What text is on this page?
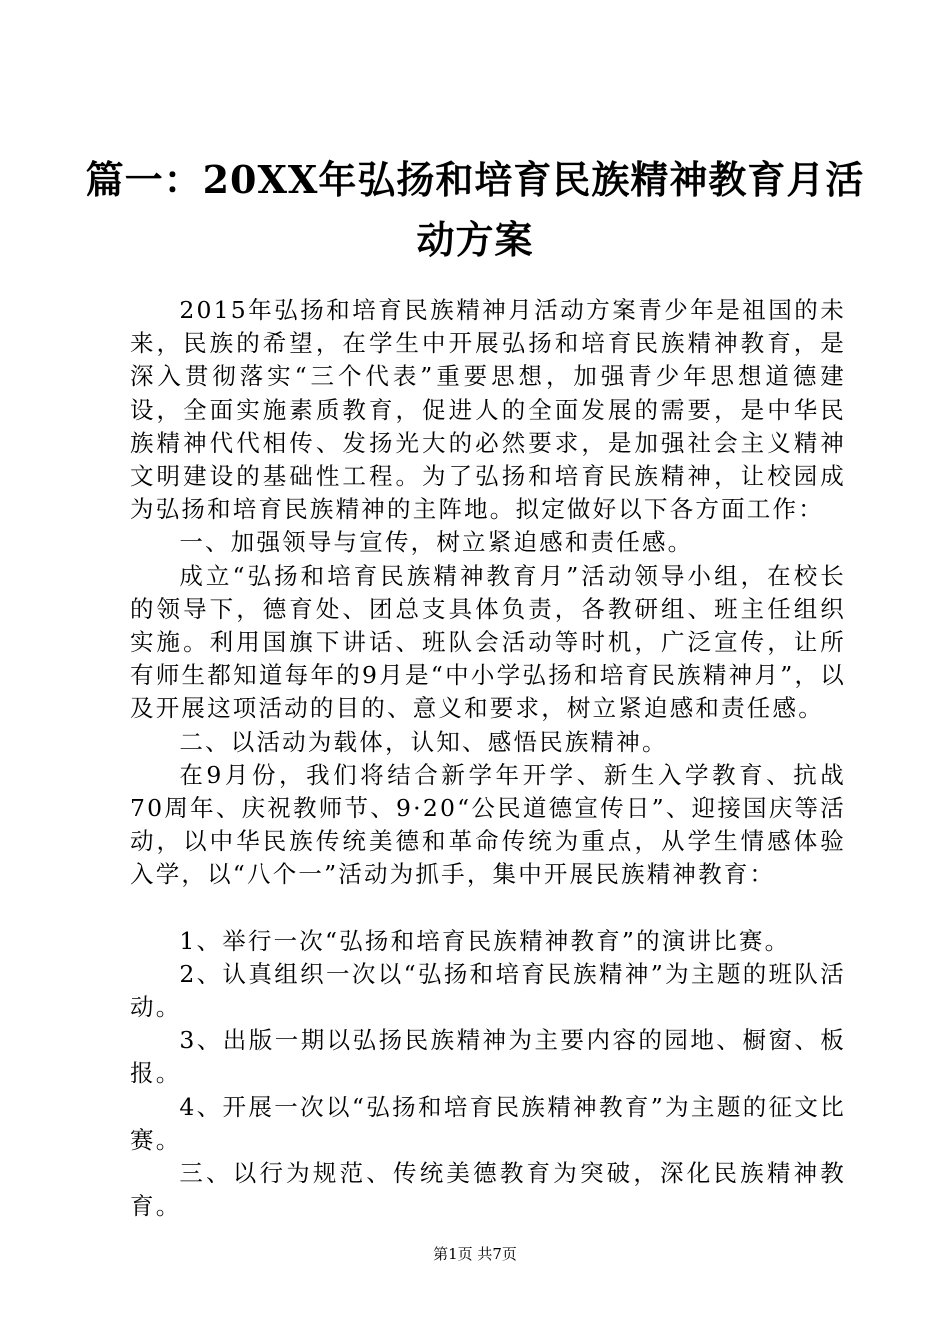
篇一：20XX年弘扬和培育民族精神教育月活
动方案

2015年弘扬和培育民族精神月活动方案青少年是祖国的未来，民族的希望，在学生中开展弘扬和培育民族精神教育，是深入贯彻落实“三个代表”重要思想，加强青少年思想道德建设，全面实施素质教育，促进人的全面发展的需要，是中华民族精神代代相传、发扬光大的必然要求，是加强社会主义精神文明建设的基础性工程。为了弘扬和培育民族精神，让校园成为弘扬和培育民族精神的主阵地。拟定做好以下各方面工作：

一、加强领导与宣传，树立紧迫感和责任感。

成立“弘扬和培育民族精神教育月”活动领导小组，在校长的领导下，德育处、团总支具体负责，各教研组、班主任组织实施。利用国旗下讲话、班队会活动等时机，广泛宣传，让所有师生都知道每年的9月是“中小学弘扬和培育民族精神月”，以及开展这项活动的目的、意义和要求，树立紧迫感和责任感。

二、以活动为载体，认知、感悟民族精神。

在9月份，我们将结合新学年开学、新生入学教育、抗战70周年、庆祝教师节、9·20“公民道德宣传日”、迎接国庆等活动，以中华民族传统美德和革命传统为重点，从学生情感体验入学，以“八个一”活动为抓手，集中开展民族精神教育：

1、举行一次“弘扬和培育民族精神教育”的演讲比赛。

2、认真组织一次以“弘扬和培育民族精神”为主题的班队活动。

3、出版一期以弘扬民族精神为主要内容的园地、橱窗、板报。

4、开展一次以“弘扬和培育民族精神教育”为主题的征文比赛。

三、以行为规范、传统美德教育为突破，深化民族精神教育。

第1页 共7页
